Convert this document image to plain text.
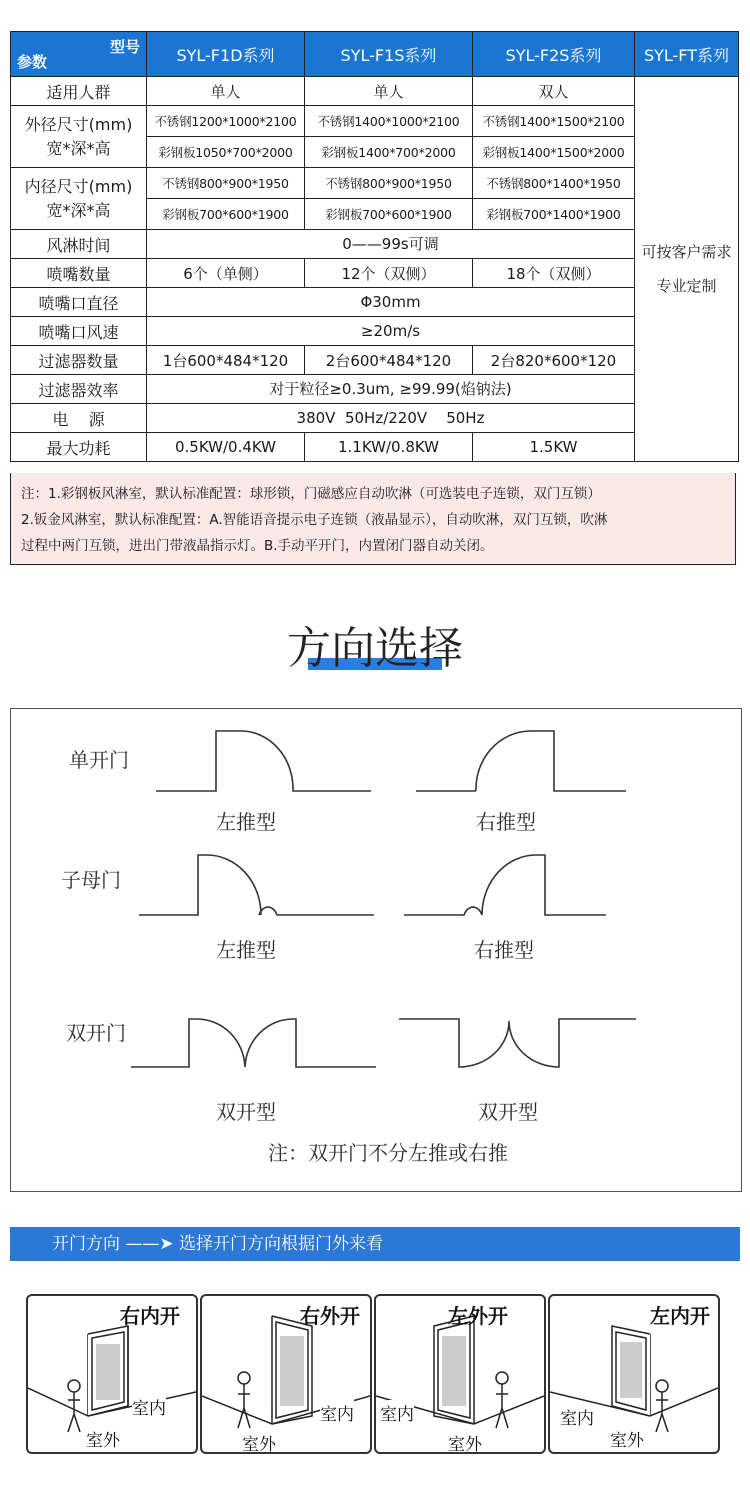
型号
参数	SYL-F1D系列	SYL-F1S系列	SYL-F2S系列	SYL-FT系列
适用人群	单人	单人	双人	可按客户需求专业定制
外径尺寸(mm)
宽*深*高	不锈钢1200*1000*2100	不锈钢1400*1000*2100	不锈钢1400*1500*2100	
	彩钢板1050*700*2000	彩钢板1400*700*2000	彩钢板1400*1500*2000	
内径尺寸(mm)
宽*深*高	不锈钢800*900*1950	不锈钢800*900*1950	不锈钢800*1400*1950	
	彩钢板700*600*1900	彩钢板700*600*1900	彩钢板700*1400*1900	
风淋时间	0——99s可调			
喷嘴数量	6个（单侧）	12个（双侧）	18个（双侧）	
喷嘴口直径	Φ30mm			
喷嘴口风速	≥20m/s			
过滤器数量	1台600*484*120	2台600*484*120	2台820*600*120	
过滤器效率	对于粒径≥0.3um, ≥99.99(焰钠法)			
电    源	380V  50Hz/220V    50Hz			
最大功耗	0.5KW/0.4KW	1.1KW/0.8KW	1.5KW	
注：1.彩钢板风淋室，默认标准配置：球形锁，门磁感应自动吹淋（可选装电子连锁，双门互锁）
2.钣金风淋室，默认标准配置：A.智能语音提示电子连锁（液晶显示），自动吹淋，双门互锁，吹淋
过程中两门互锁，进出门带液晶指示灯。B.手动平开门，内置闭门器自动关闭。
方向选择
单开门
左推型	右推型
子母门
左推型	右推型
双开门
双开型	双开型
注：双开门不分左推或右推
开门方向 ——➤ 选择开门方向根据门外来看
右内开
室内
室外
右外开
室内
室外
左外开
室内
室外
左内开
室内
室外
